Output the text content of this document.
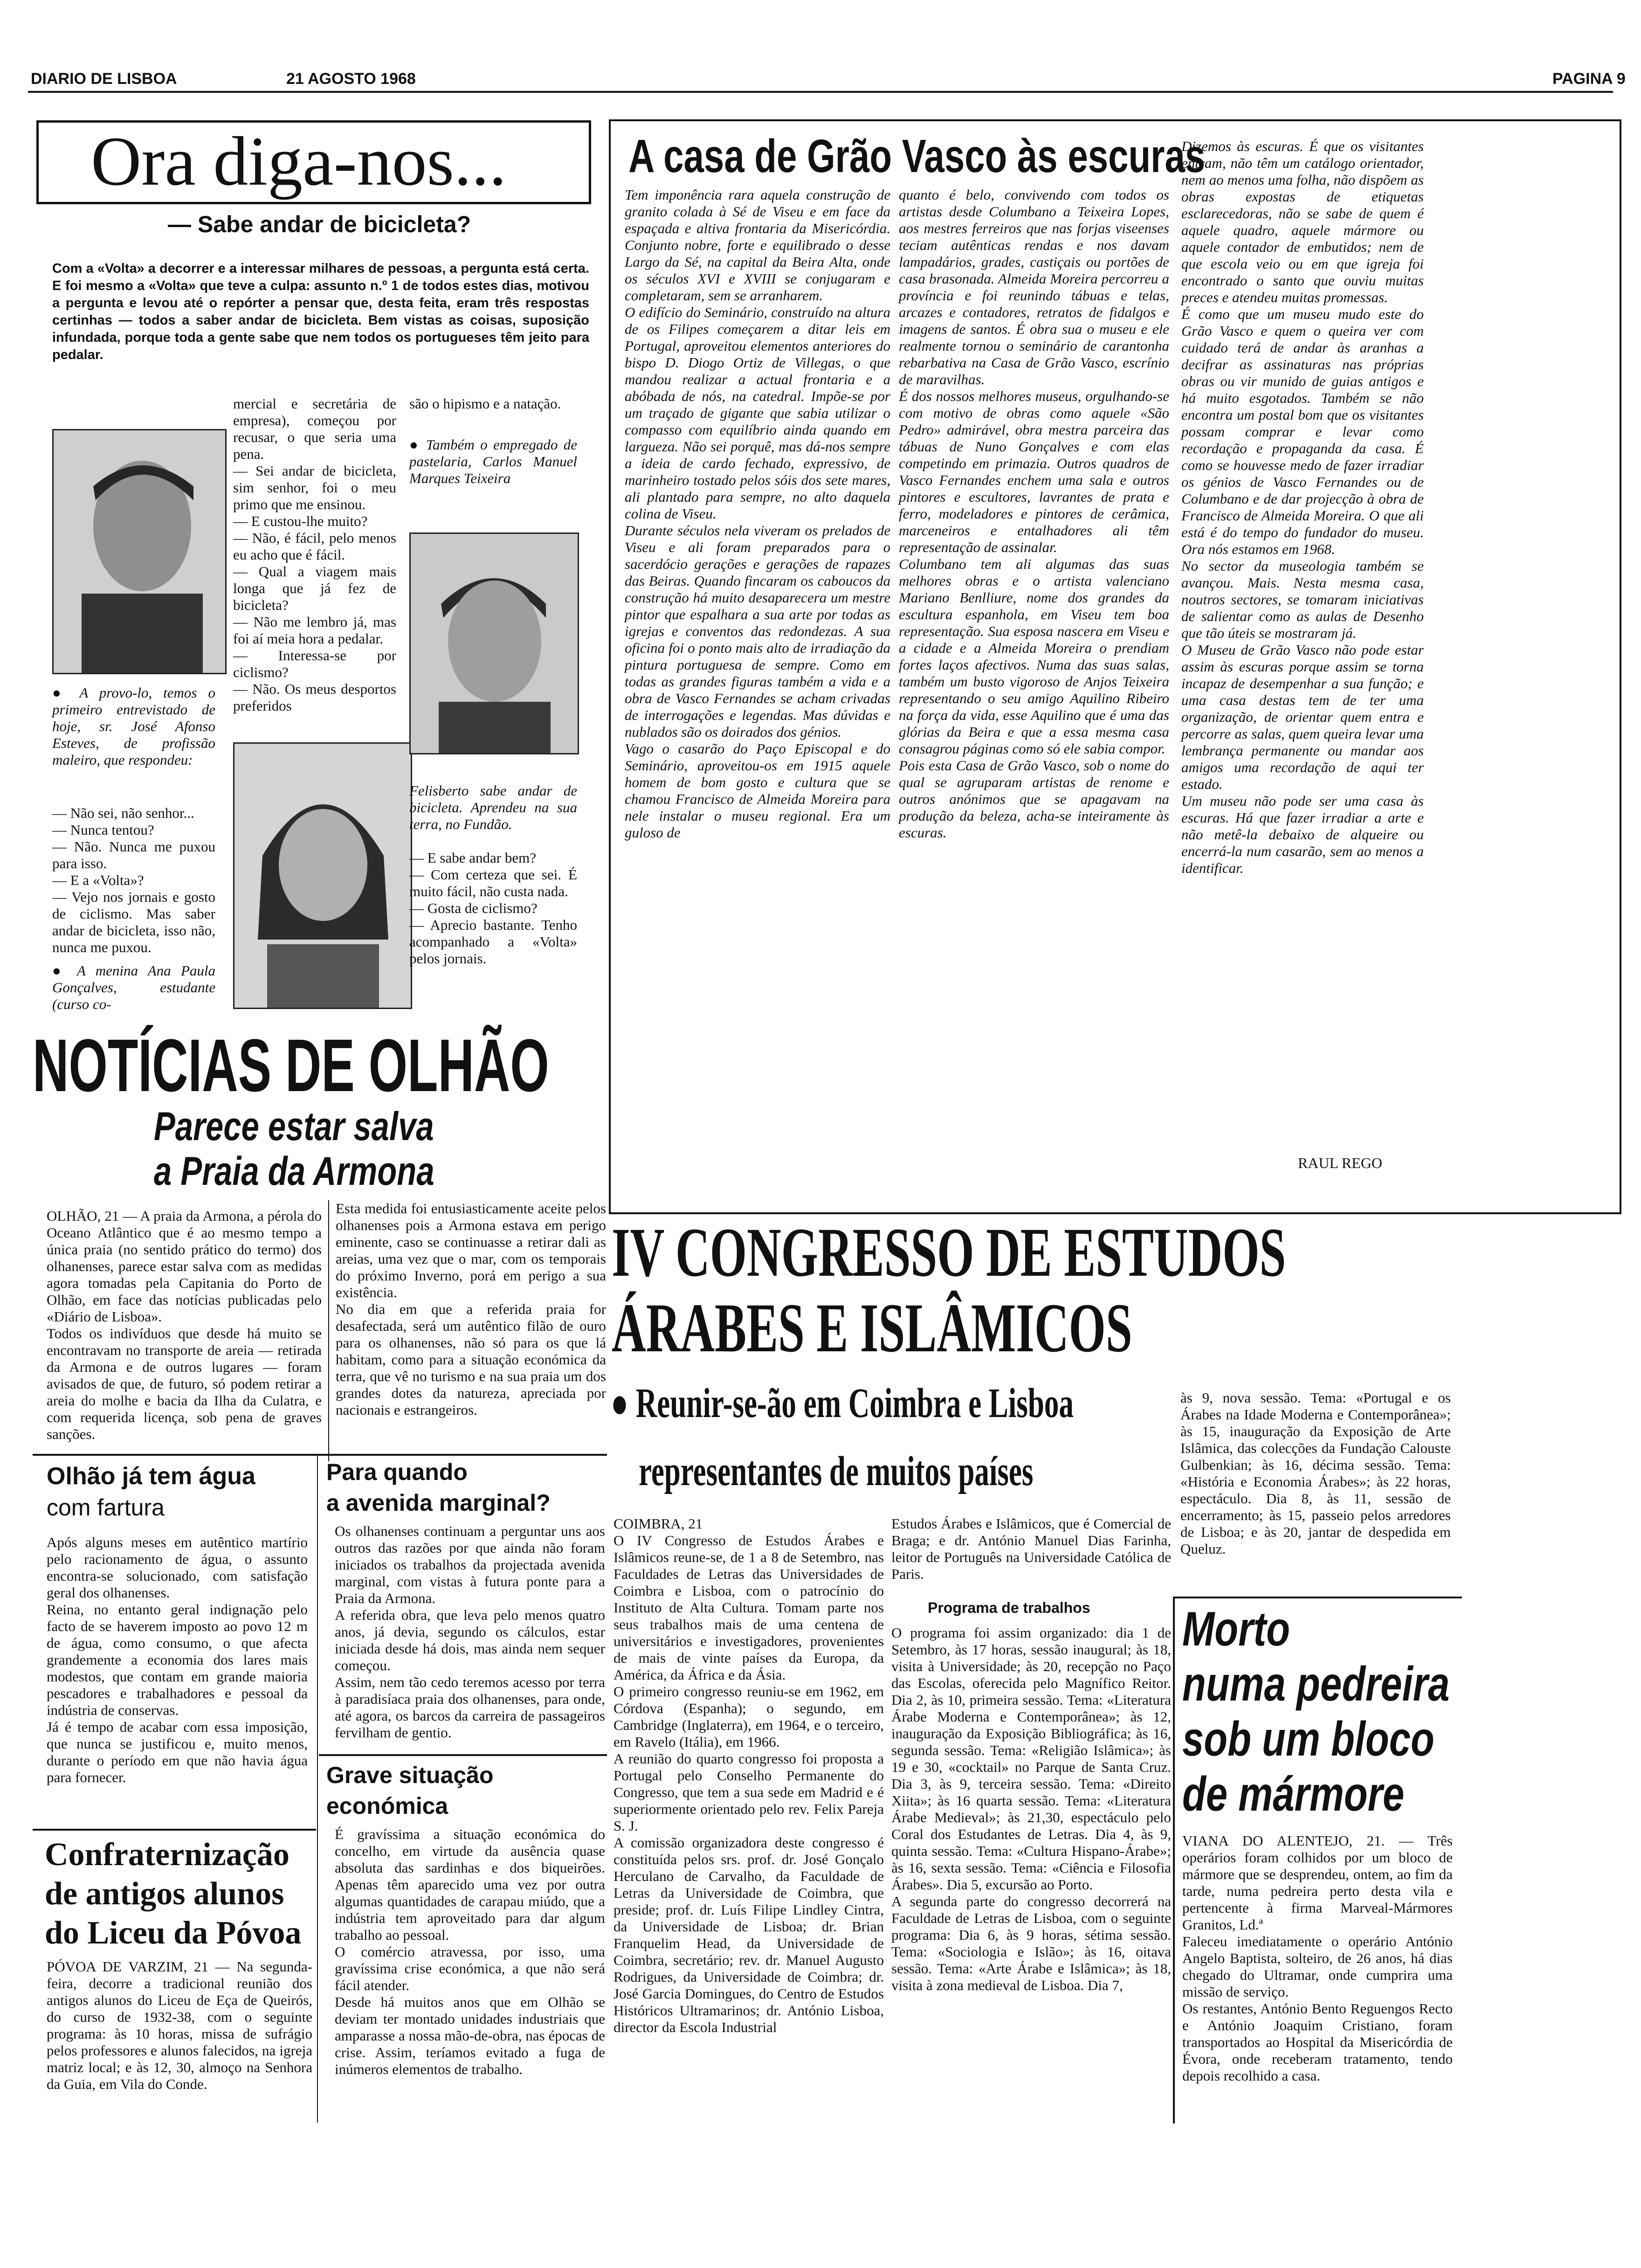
DIARIO DE LISBOA	21 AGOSTO 1968	PAGINA 9
Ora diga-nos...
— Sabe andar de bicicleta?
Com a «Volta» a decorrer e a interessar milhares de pessoas, a pergunta está certa. E foi mesmo a «Volta» que teve a culpa: assunto n.º 1 de todos estes dias, motivou a pergunta e levou até o repórter a pensar que, desta feita, eram três respostas certinhas — todos a saber andar de bicicleta. Bem vistas as coisas, suposição infundada, porque toda a gente sabe que nem todos os portugueses têm jeito para pedalar.
● A provo-lo, temos o primeiro entrevistado de hoje, sr. José Afonso Esteves, de profissão maleiro, que respondeu:
— Não sei, não senhor...
— Nunca tentou?
— Não. Nunca me puxou para isso.
— E a «Volta»?
— Vejo nos jornais e gosto de ciclismo. Mas saber andar de bicicleta, isso não, nunca me puxou.
● A menina Ana Paula Gonçalves, estudante (curso co-
mercial e secretária de empresa), começou por recusar, o que seria uma pena.
— Sei andar de bicicleta, sim senhor, foi o meu primo que me ensinou.
— E custou-lhe muito?
— Não, é fácil, pelo menos eu acho que é fácil.
— Qual a viagem mais longa que já fez de bicicleta?
— Não me lembro já, mas foi aí meia hora a pedalar.
— Interessa-se por ciclismo?
— Não. Os meus desportos preferidos
são o hipismo e a natação.
● Também o empregado de pastelaria, Carlos Manuel Marques Teixeira
Felisberto sabe andar de bicicleta. Aprendeu na sua terra, no Fundão.
— E sabe andar bem?
— Com certeza que sei. É muito fácil, não custa nada.
— Gosta de ciclismo?
— Aprecio bastante. Tenho acompanhado a «Volta» pelos jornais.
A casa de Grão Vasco às escuras
Tem imponência rara aquela construção de granito colada à Sé de Viseu e em face da espaçada e altiva frontaria da Misericórdia. Conjunto nobre, forte e equilibrado o desse Largo da Sé, na capital da Beira Alta, onde os séculos XVI e XVIII se conjugaram e completaram, sem se arranharem.
O edifício do Seminário, construído na altura de os Filipes começarem a ditar leis em Portugal, aproveitou elementos anteriores do bispo D. Diogo Ortiz de Villegas, o que mandou realizar a actual frontaria e a abóbada de nós, na catedral. Impõe-se por um traçado de gigante que sabia utilizar o compasso com equilíbrio ainda quando em largueza. Não sei porquê, mas dá-nos sempre a ideia de cardo fechado, expressivo, de marinheiro tostado pelos sóis dos sete mares, ali plantado para sempre, no alto daquela colina de Viseu.
Durante séculos nela viveram os prelados de Viseu e ali foram preparados para o sacerdócio gerações e gerações de rapazes das Beiras. Quando fincaram os caboucos da construção há muito desaparecera um mestre pintor que espalhara a sua arte por todas as igrejas e conventos das redondezas. A sua oficina foi o ponto mais alto de irradiação da pintura portuguesa de sempre. Como em todas as grandes figuras também a vida e a obra de Vasco Fernandes se acham crivadas de interrogações e legendas. Mas dúvidas e nublados são os doirados dos génios.
Vago o casarão do Paço Episcopal e do Seminário, aproveitou-os em 1915 aquele homem de bom gosto e cultura que se chamou Francisco de Almeida Moreira para nele instalar o museu regional. Era um guloso de
quanto é belo, convivendo com todos os artistas desde Columbano a Teixeira Lopes, aos mestres ferreiros que nas forjas viseenses teciam autênticas rendas e nos davam lampadários, grades, castiçais ou portões de casa brasonada. Almeida Moreira percorreu a província e foi reunindo tábuas e telas, arcazes e contadores, retratos de fidalgos e imagens de santos. É obra sua o museu e ele realmente tornou o seminário de carantonha rebarbativa na Casa de Grão Vasco, escrínio de maravilhas.
É dos nossos melhores museus, orgulhando-se com motivo de obras como aquele «São Pedro» admirável, obra mestra parceira das tábuas de Nuno Gonçalves e com elas competindo em primazia. Outros quadros de Vasco Fernandes enchem uma sala e outros pintores e escultores, lavrantes de prata e ferro, modeladores e pintores de cerâmica, marceneiros e entalhadores ali têm representação de assinalar.
Columbano tem ali algumas das suas melhores obras e o artista valenciano Mariano Benlliure, nome dos grandes da escultura espanhola, em Viseu tem boa representação. Sua esposa nascera em Viseu e a cidade e a Almeida Moreira o prendiam fortes laços afectivos. Numa das suas salas, também um busto vigoroso de Anjos Teixeira representando o seu amigo Aquilino Ribeiro na força da vida, esse Aquilino que é uma das glórias da Beira e que a essa mesma casa consagrou páginas como só ele sabia compor.
Pois esta Casa de Grão Vasco, sob o nome do qual se agruparam artistas de renome e outros anónimos que se apagavam na produção da beleza, acha-se inteiramente às escuras.
Dizemos às escuras. É que os visitantes entram, não têm um catálogo orientador, nem ao menos uma folha, não dispõem as obras expostas de etiquetas esclarecedoras, não se sabe de quem é aquele quadro, aquele mármore ou aquele contador de embutidos; nem de que escola veio ou em que igreja foi encontrado o santo que ouviu muitas preces e atendeu muitas promessas.
É como que um museu mudo este do Grão Vasco e quem o queira ver com cuidado terá de andar às aranhas a decifrar as assinaturas nas próprias obras ou vir munido de guias antigos e há muito esgotados. Também se não encontra um postal bom que os visitantes possam comprar e levar como recordação e propaganda da casa. É como se houvesse medo de fazer irradiar os génios de Vasco Fernandes ou de Columbano e de dar projecção à obra de Francisco de Almeida Moreira. O que ali está é do tempo do fundador do museu. Ora nós estamos em 1968.
No sector da museologia também se avançou. Mais. Nesta mesma casa, noutros sectores, se tomaram iniciativas de salientar como as aulas de Desenho que tão úteis se mostraram já.
O Museu de Grão Vasco não pode estar assim às escuras porque assim se torna incapaz de desempenhar a sua função; e uma casa destas tem de ter uma organização, de orientar quem entra e percorre as salas, quem queira levar uma lembrança permanente ou mandar aos amigos uma recordação de aqui ter estado.
Um museu não pode ser uma casa às escuras. Há que fazer irradiar a arte e não metê-la debaixo de alqueire ou encerrá-la num casarão, sem ao menos a identificar.
RAUL REGO
NOTÍCIAS DE OLHÃO
Parece estar salva
a Praia da Armona
OLHÃO, 21 — A praia da Armona, a pérola do Oceano Atlântico que é ao mesmo tempo a única praia (no sentido prático do termo) dos olhanenses, parece estar salva com as medidas agora tomadas pela Capitania do Porto de Olhão, em face das notícias publicadas pelo «Diário de Lisboa».
Todos os indivíduos que desde há muito se encontravam no transporte de areia — retirada da Armona e de outros lugares — foram avisados de que, de futuro, só podem retirar a areia do molhe e bacia da Ilha da Culatra, e com requerida licença, sob pena de graves sanções.
Esta medida foi entusiasticamente aceite pelos olhanenses pois a Armona estava em perigo eminente, caso se continuasse a retirar dali as areias, uma vez que o mar, com os temporais do próximo Inverno, porá em perigo a sua existência.
No dia em que a referida praia for desafectada, será um autêntico filão de ouro para os olhanenses, não só para os que lá habitam, como para a situação económica da terra, que vê no turismo e na sua praia um dos grandes dotes da natureza, apreciada por nacionais e estrangeiros.
Olhão já tem água
com fartura
Após alguns meses em autêntico martírio pelo racionamento de água, o assunto encontra-se solucionado, com satisfação geral dos olhanenses.
Reina, no entanto geral indignação pelo facto de se haverem imposto ao povo 12 m de água, como consumo, o que afecta grandemente a economia dos lares mais modestos, que contam em grande maioria pescadores e trabalhadores e pessoal da indústria de conservas.
Já é tempo de acabar com essa imposição, que nunca se justificou e, muito menos, durante o período em que não havia água para fornecer.
Para quando
a avenida marginal?
Os olhanenses continuam a perguntar uns aos outros das razões por que ainda não foram iniciados os trabalhos da projectada avenida marginal, com vistas à futura ponte para a Praia da Armona.
A referida obra, que leva pelo menos quatro anos, já devia, segundo os cálculos, estar iniciada desde há dois, mas ainda nem sequer começou.
Assim, nem tão cedo teremos acesso por terra à paradisíaca praia dos olhanenses, para onde, até agora, os barcos da carreira de passageiros fervilham de gentio.
Grave situação
económica
É gravíssima a situação económica do concelho, em virtude da ausência quase absoluta das sardinhas e dos biqueirões. Apenas têm aparecido uma vez por outra algumas quantidades de carapau miúdo, que a indústria tem aproveitado para dar algum trabalho ao pessoal.
O comércio atravessa, por isso, uma gravíssima crise económica, a que não será fácil atender.
Desde há muitos anos que em Olhão se deviam ter montado unidades industriais que amparasse a nossa mão-de-obra, nas épocas de crise. Assim, teríamos evitado a fuga de inúmeros elementos de trabalho.
Confraternização
de antigos alunos
do Liceu da Póvoa
PÓVOA DE VARZIM, 21 — Na segunda-feira, decorre a tradicional reunião dos antigos alunos do Liceu de Eça de Queirós, do curso de 1932-38, com o seguinte programa: às 10 horas, missa de sufrágio pelos professores e alunos falecidos, na igreja matriz local; e às 12, 30, almoço na Senhora da Guia, em Vila do Conde.
IV CONGRESSO DE ESTUDOS
ÁRABES E ISLÂMICOS
● Reunir-se-ão em Coimbra e Lisboa
representantes de muitos países
COIMBRA, 21
O IV Congresso de Estudos Árabes e Islâmicos reune-se, de 1 a 8 de Setembro, nas Faculdades de Letras das Universidades de Coimbra e Lisboa, com o patrocínio do Instituto de Alta Cultura. Tomam parte nos seus trabalhos mais de uma centena de universitários e investigadores, provenientes de mais de vinte países da Europa, da América, da África e da Ásia.
O primeiro congresso reuniu-se em 1962, em Córdova (Espanha); o segundo, em Cambridge (Inglaterra), em 1964, e o terceiro, em Ravelo (Itália), em 1966.
A reunião do quarto congresso foi proposta a Portugal pelo Conselho Permanente do Congresso, que tem a sua sede em Madrid e é superiormente orientado pelo rev. Felix Pareja S. J.
A comissão organizadora deste congresso é constituída pelos srs. prof. dr. José Gonçalo Herculano de Carvalho, da Faculdade de Letras da Universidade de Coimbra, que preside; prof. dr. Luís Filipe Lindley Cintra, da Universidade de Lisboa; dr. Brian Franquelim Head, da Universidade de Coimbra, secretário; rev. dr. Manuel Augusto Rodrigues, da Universidade de Coimbra; dr. José Garcia Domingues, do Centro de Estudos Históricos Ultramarinos; dr. António Lisboa, director da Escola Industrial
Estudos Árabes e Islâmicos, que é Comercial de Braga; e dr. António Manuel Dias Farinha, leitor de Português na Universidade Católica de Paris.
Programa de trabalhos
O programa foi assim organizado: dia 1 de Setembro, às 17 horas, sessão inaugural; às 18, visita à Universidade; às 20, recepção no Paço das Escolas, oferecida pelo Magnífico Reitor. Dia 2, às 10, primeira sessão. Tema: «Literatura Árabe Moderna e Contemporânea»; às 12, inauguração da Exposição Bibliográfica; às 16, segunda sessão. Tema: «Religião Islâmica»; às 19 e 30, «cocktail» no Parque de Santa Cruz. Dia 3, às 9, terceira sessão. Tema: «Direito Xiita»; às 16 quarta sessão. Tema: «Literatura Árabe Medieval»; às 21,30, espectáculo pelo Coral dos Estudantes de Letras. Dia 4, às 9, quinta sessão. Tema: «Cultura Hispano-Árabe»; às 16, sexta sessão. Tema: «Ciência e Filosofia Árabes». Dia 5, excursão ao Porto.
A segunda parte do congresso decorrerá na Faculdade de Letras de Lisboa, com o seguinte programa: Dia 6, às 9 horas, sétima sessão. Tema: «Sociologia e Islão»; às 16, oitava sessão. Tema: «Arte Árabe e Islâmica»; às 18, visita à zona medieval de Lisboa. Dia 7,
às 9, nova sessão. Tema: «Portugal e os Árabes na Idade Moderna e Contemporânea»; às 15, inauguração da Exposição de Arte Islâmica, das colecções da Fundação Calouste Gulbenkian; às 16, décima sessão. Tema: «História e Economia Árabes»; às 22 horas, espectáculo. Dia 8, às 11, sessão de encerramento; às 15, passeio pelos arredores de Lisboa; e às 20, jantar de despedida em Queluz.
Morto
numa pedreira
sob um bloco
de mármore
VIANA DO ALENTEJO, 21. — Três operários foram colhidos por um bloco de mármore que se desprendeu, ontem, ao fim da tarde, numa pedreira perto desta vila e pertencente à firma Marveal-Mármores Granitos, Ld.ª
Faleceu imediatamente o operário António Angelo Baptista, solteiro, de 26 anos, há dias chegado do Ultramar, onde cumprira uma missão de serviço.
Os restantes, António Bento Reguengos Recto e António Joaquim Cristiano, foram transportados ao Hospital da Misericórdia de Évora, onde receberam tratamento, tendo depois recolhido a casa.
